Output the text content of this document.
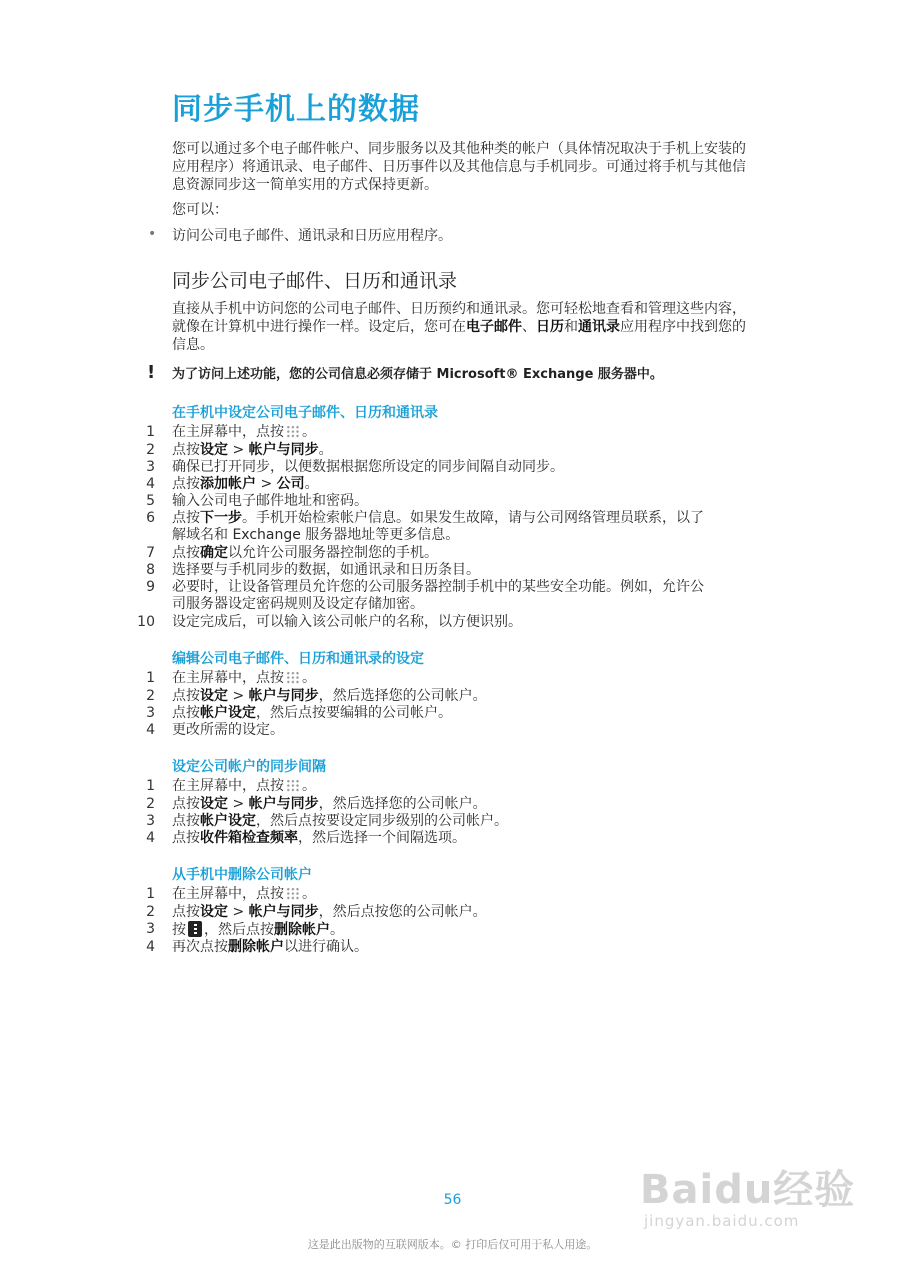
同步手机上的数据
您可以通过多个电子邮件帐户、同步服务以及其他种类的帐户（具体情况取决于手机上安装的应用程序）将通讯录、电子邮件、日历事件以及其他信息与手机同步。可通过将手机与其他信息资源同步这一简单实用的方式保持更新。
您可以：
• 访问公司电子邮件、通讯录和日历应用程序。
同步公司电子邮件、日历和通讯录
直接从手机中访问您的公司电子邮件、日历预约和通讯录。您可轻松地查看和管理这些内容，就像在计算机中进行操作一样。设定后，您可在电子邮件、日历和通讯录应用程序中找到您的信息。
! 为了访问上述功能，您的公司信息必须存储于 Microsoft® Exchange 服务器中。
在手机中设定公司电子邮件、日历和通讯录
1 在主屏幕中，点按 。
2 点按设定 > 帐户与同步。
3 确保已打开同步，以便数据根据您所设定的同步间隔自动同步。
4 点按添加帐户 > 公司。
5 输入公司电子邮件地址和密码。
6 点按下一步。手机开始检索帐户信息。如果发生故障，请与公司网络管理员联系，以了解域名和 Exchange 服务器地址等更多信息。
7 点按确定以允许公司服务器控制您的手机。
8 选择要与手机同步的数据，如通讯录和日历条目。
9 必要时，让设备管理员允许您的公司服务器控制手机中的某些安全功能。例如，允许公司服务器设定密码规则及设定存储加密。
10 设定完成后，可以输入该公司帐户的名称，以方便识别。
编辑公司电子邮件、日历和通讯录的设定
1 在主屏幕中，点按 。
2 点按设定 > 帐户与同步，然后选择您的公司帐户。
3 点按帐户设定，然后点按要编辑的公司帐户。
4 更改所需的设定。
设定公司帐户的同步间隔
1 在主屏幕中，点按 。
2 点按设定 > 帐户与同步，然后选择您的公司帐户。
3 点按帐户设定，然后点按要设定同步级别的公司帐户。
4 点按收件箱检查频率，然后选择一个间隔选项。
从手机中删除公司帐户
1 在主屏幕中，点按 。
2 点按设定 > 帐户与同步，然后点按您的公司帐户。
3 按 ，然后点按删除帐户。
4 再次点按删除帐户以进行确认。
56	Baidu经验
jingyan.baidu.com
这是此出版物的互联网版本。© 打印后仅可用于私人用途。
